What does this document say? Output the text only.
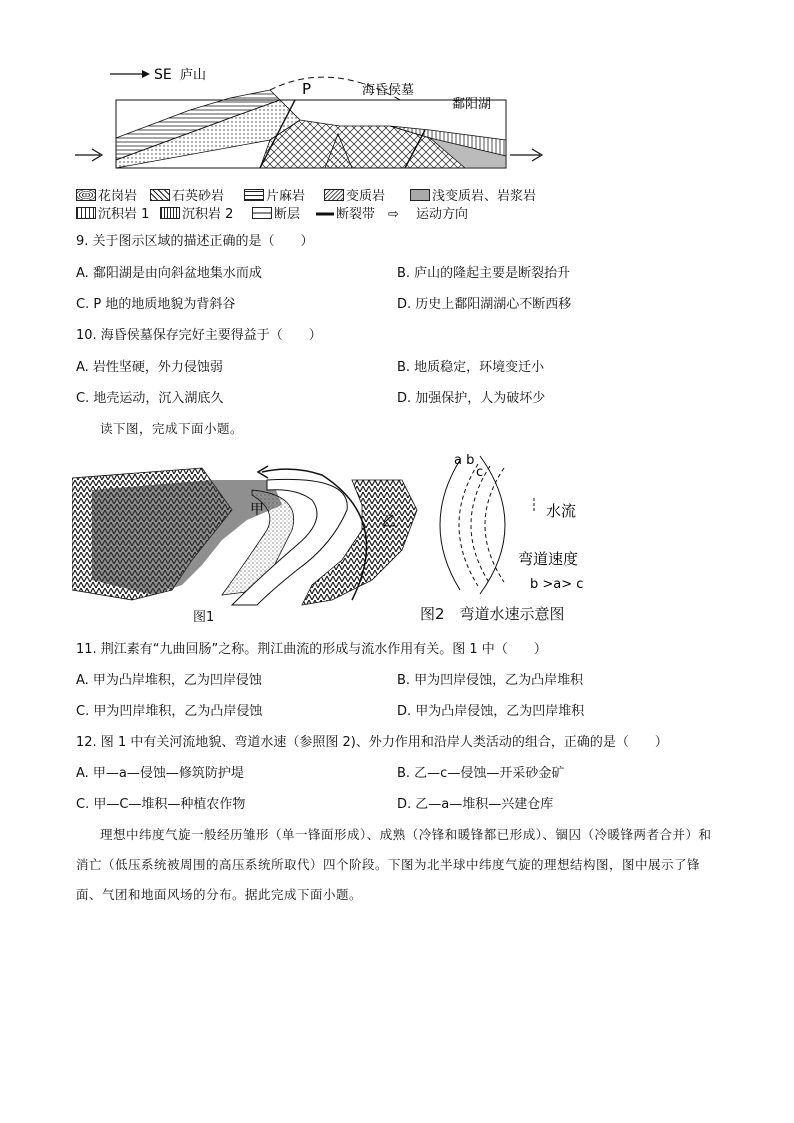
SE 庐山
P	海昏侯墓
鄱阳湖
花岗岩	石英砂岩	片麻岩	变质岩	浅变质岩、岩浆岩
沉积岩 1	沉积岩 2	断层	断裂带 ⇨ 运动方向
9. 关于图示区域的描述正确的是（　　）
A. 鄱阳湖是由向斜盆地集水而成	B. 庐山的隆起主要是断裂抬升
C. P 地的地质地貌为背斜谷	D. 历史上鄱阳湖湖心不断西移
10. 海昏侯墓保存完好主要得益于（　　）
A. 岩性坚硬，外力侵蚀弱	B. 地质稳定，环境变迁小
C. 地壳运动，沉入湖底久	D. 加强保护，人为破坏少
读下图，完成下面小题。
甲
乙
图1
a b
c
水流
弯道速度
b >a> c
图2　弯道水速示意图
11. 荆江素有“九曲回肠”之称。荆江曲流的形成与流水作用有关。图 1 中（　　）
A. 甲为凸岸堆积，乙为凹岸侵蚀	B. 甲为凹岸侵蚀，乙为凸岸堆积
C. 甲为凹岸堆积，乙为凸岸侵蚀	D. 甲为凸岸侵蚀，乙为凹岸堆积
12. 图 1 中有关河流地貌、弯道水速（参照图 2)、外力作用和沿岸人类活动的组合，正确的是（　　）
A. 甲—a—侵蚀—修筑防护堤	B. 乙—c—侵蚀—开采砂金矿
C. 甲—C—堆积—种植农作物	D. 乙—a—堆积—兴建仓库
理想中纬度气旋一般经历雏形（单一锋面形成）、成熟（冷锋和暖锋都已形成）、锢囚（冷暖锋两者合并）和消亡（低压系统被周围的高压系统所取代）四个阶段。下图为北半球中纬度气旋的理想结构图，图中展示了锋面、气团和地面风场的分布。据此完成下面小题。
